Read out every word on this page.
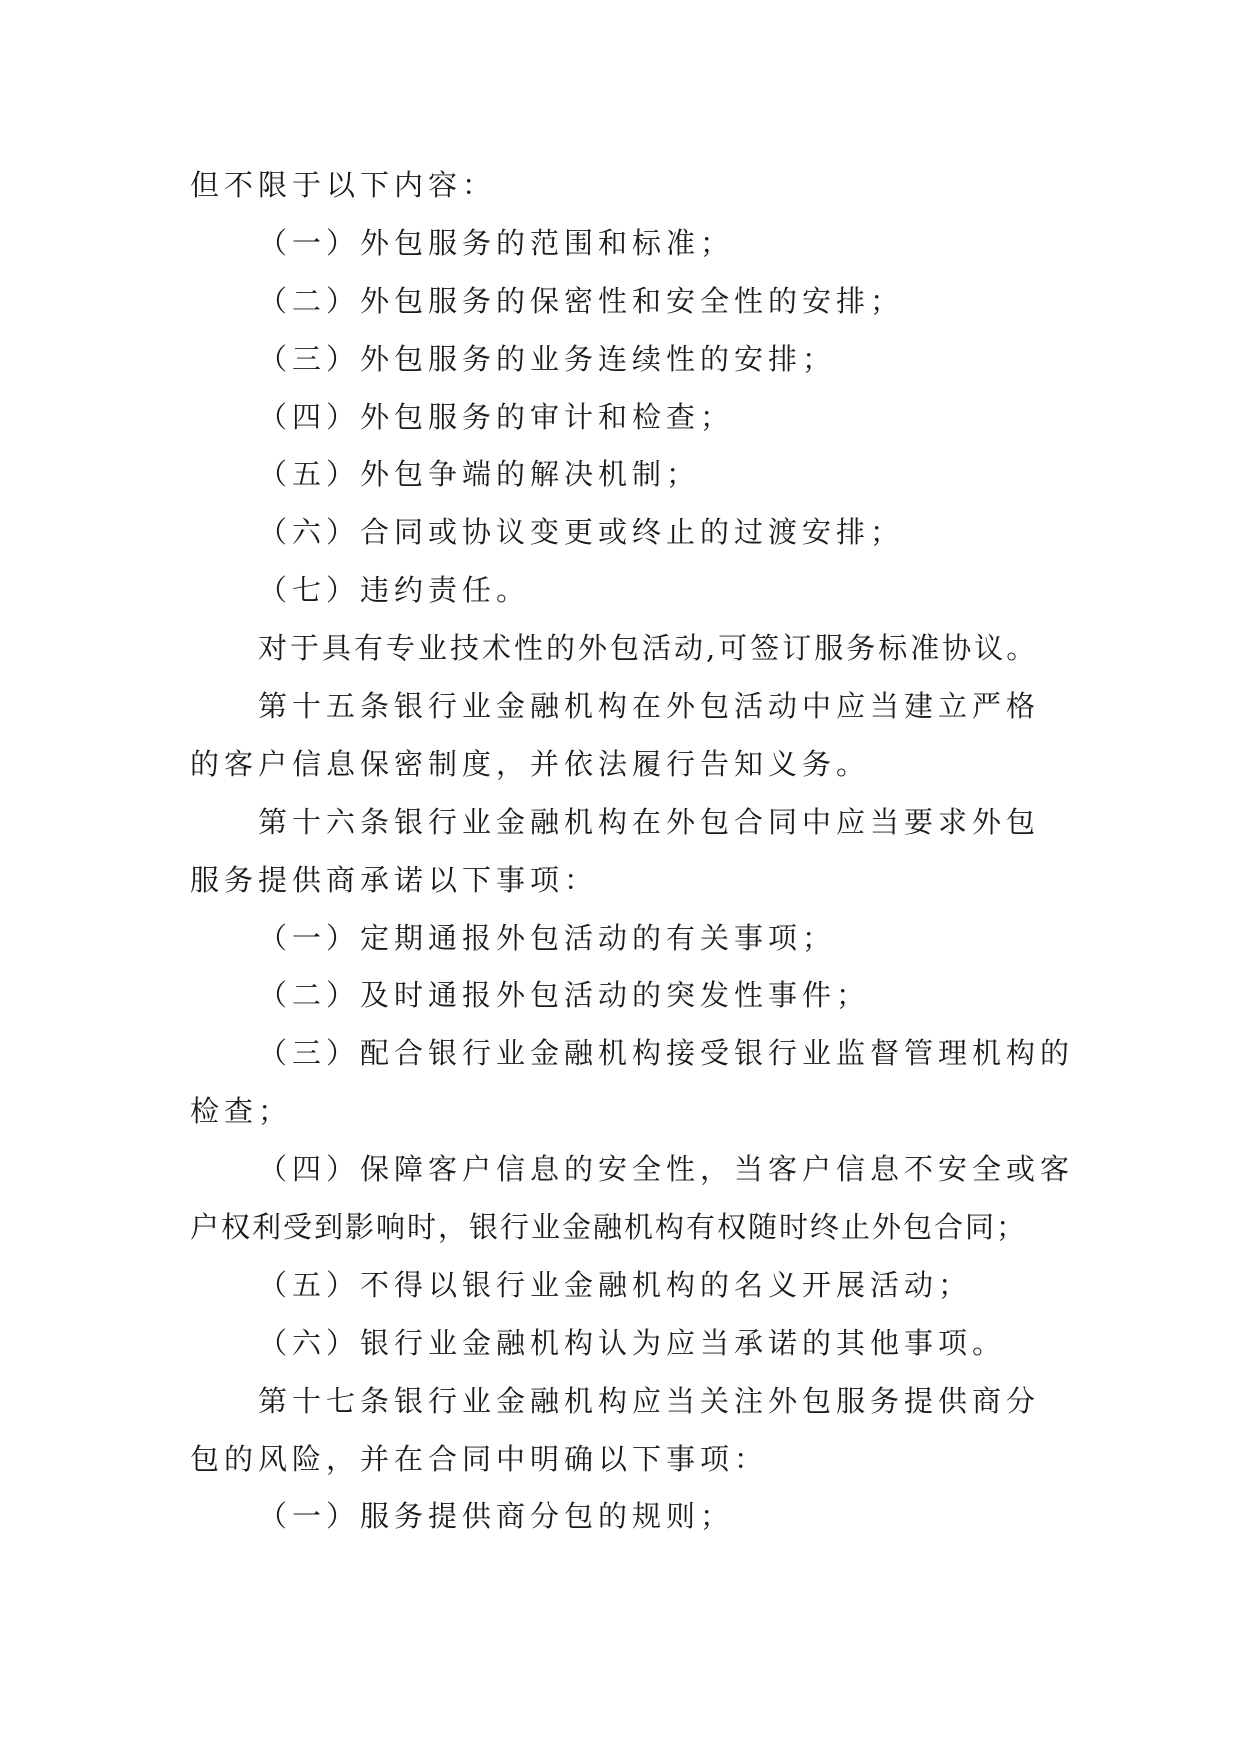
但不限于以下内容：
（一）外包服务的范围和标准；
（二）外包服务的保密性和安全性的安排；
（三）外包服务的业务连续性的安排；
（四）外包服务的审计和检查；
（五）外包争端的解决机制；
（六）合同或协议变更或终止的过渡安排；
（七）违约责任。
对于具有专业技术性的外包活动,可签订服务标准协议。
第十五条银行业金融机构在外包活动中应当建立严格
的客户信息保密制度，并依法履行告知义务。
第十六条银行业金融机构在外包合同中应当要求外包
服务提供商承诺以下事项：
（一）定期通报外包活动的有关事项；
（二）及时通报外包活动的突发性事件；
（三）配合银行业金融机构接受银行业监督管理机构的
检查；
（四）保障客户信息的安全性，当客户信息不安全或客
户权利受到影响时，银行业金融机构有权随时终止外包合同；
（五）不得以银行业金融机构的名义开展活动；
（六）银行业金融机构认为应当承诺的其他事项。
第十七条银行业金融机构应当关注外包服务提供商分
包的风险，并在合同中明确以下事项：
（一）服务提供商分包的规则；
